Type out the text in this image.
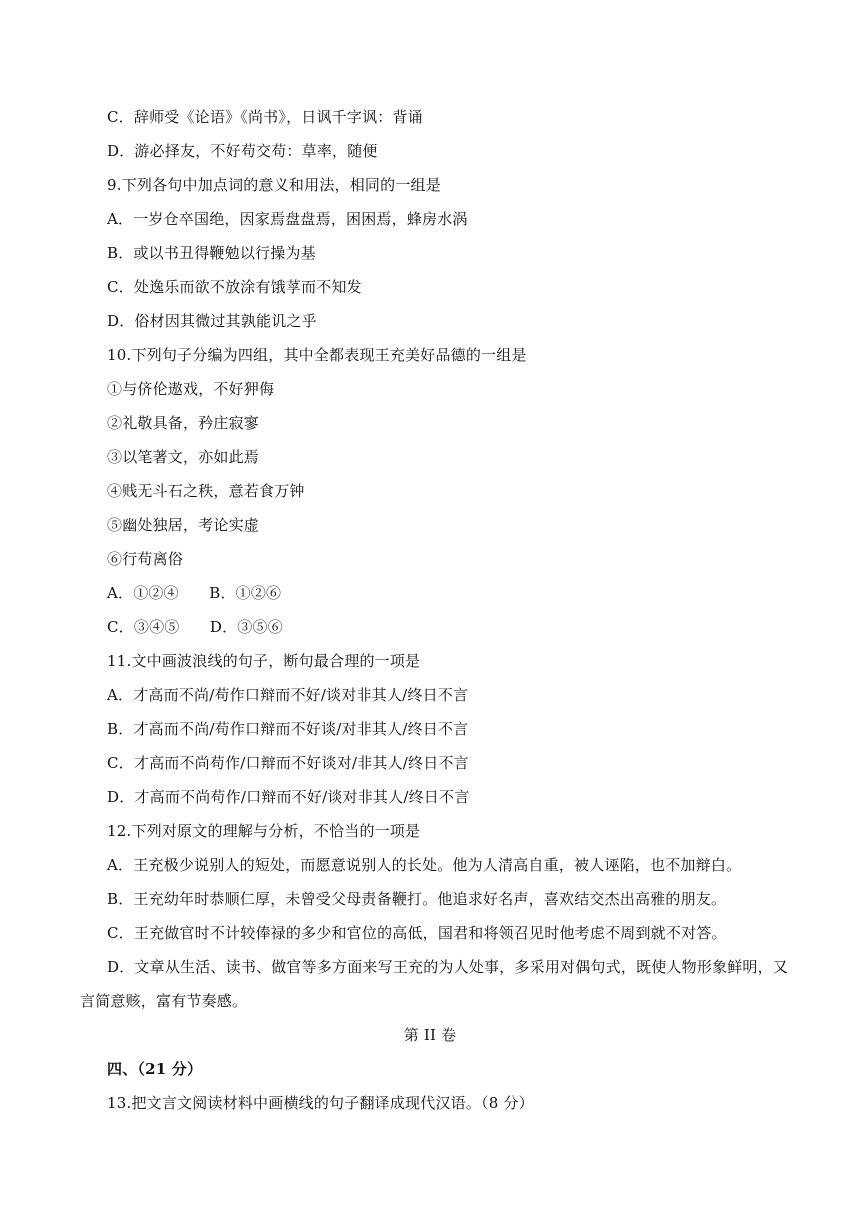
C．辞师受《论语》《尚书》，日讽千字讽：背诵
D．游必择友，不好苟交苟：草率，随便
9.下列各句中加点词的意义和用法，相同的一组是
A．一岁仓卒国绝，因家焉盘盘焉，困困焉，蜂房水涡
B．或以书丑得鞭勉以行操为基
C．处逸乐而欲不放涂有饿莩而不知发
D．俗材因其微过其孰能讥之乎
10.下列句子分编为四组，其中全都表现王充美好品德的一组是
①与侪伦遨戏，不好狎侮
②礼敬具备，矜庄寂寥
③以笔著文，亦如此焉
④贱无斗石之秩，意若食万钟
⑤幽处独居，考论实虚
⑥行苟离俗
A．①②④　　B．①②⑥
C．③④⑤　　D．③⑤⑥
11.文中画波浪线的句子，断句最合理的一项是
A．才高而不尚/苟作口辩而不好/谈对非其人/终日不言
B．才高而不尚/苟作口辩而不好谈/对非其人/终日不言
C．才高而不尚苟作/口辩而不好谈对/非其人/终日不言
D．才高而不尚苟作/口辩而不好/谈对非其人/终日不言
12.下列对原文的理解与分析，不恰当的一项是
A．王充极少说别人的短处，而愿意说别人的长处。他为人清高自重，被人诬陷，也不加辩白。
B．王充幼年时恭顺仁厚，未曾受父母责备鞭打。他追求好名声，喜欢结交杰出高雅的朋友。
C．王充做官时不计较俸禄的多少和官位的高低，国君和将领召见时他考虑不周到就不对答。
D．文章从生活、读书、做官等多方面来写王充的为人处事，多采用对偶句式，既使人物形象鲜明，又
言简意赅，富有节奏感。
第 II 卷
四、（21 分）
13.把文言文阅读材料中画横线的句子翻译成现代汉语。（8 分）
